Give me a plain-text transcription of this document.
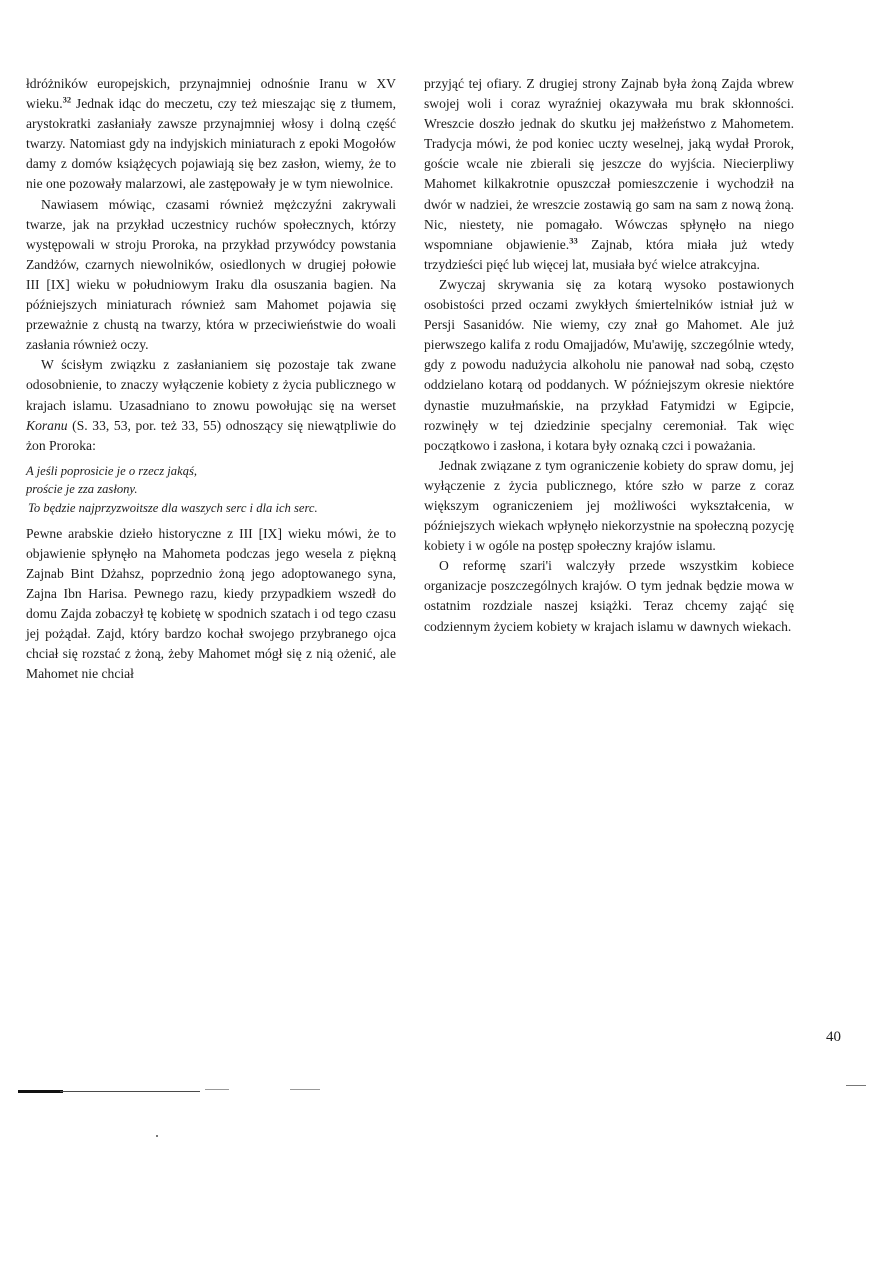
łdróżników europejskich, przynajmniej odnośnie Iranu w XV wieku.$^{32}$ Jednak idąc do meczetu, czy też mieszając się z tłumem, arystokratki zasłaniały zawsze przynajmniej włosy i dolną część twarzy. Natomiast gdy na indyjskich miniaturach z epoki Mogołów damy z domów książęcych pojawiają się bez zasłon, wiemy, że to nie one pozowały malarzowi, ale zastępowały je w tym niewolnice.

Nawiasem mówiąc, czasami również mężczyźni zakrywali twarze, jak na przykład uczestnicy ruchów społecznych, którzy występowali w stroju Proroka, na przykład przywódcy powstania Zandżów, czarnych niewolników, osiedlonych w drugiej połowie III [IX] wieku w południowym Iraku dla osuszania bagien. Na późniejszych miniaturach również sam Mahomet pojawia się przeważnie z chustą na twarzy, która w przeciwieństwie do woali zasłania również oczy.

W ścisłym związku z zasłanianiem się pozostaje tak zwane odosobnienie, to znaczy wyłączenie kobiety z życia publicznego w krajach islamu. Uzasadniano to znowu powołując się na werset Koranu (S. 33, 53, por. też 33, 55) odnoszący się niewątpliwie do żon Proroka:

A jeśli poprosicie je o rzecz jakąś,
proście je zza zasłony.
To będzie najprzyzwoitsze dla waszych serc i dla ich serc.

Pewne arabskie dzieło historyczne z III [IX] wieku mówi, że to objawienie spłynęło na Mahometa podczas jego wesela z piękną Zajnab Bint Dżahsz, poprzednio żoną jego adoptowanego syna, Zajna Ibn Harisa. Pewnego razu, kiedy przypadkiem wszedł do domu Zajda zobaczył tę kobietę w spodnich szatach i od tego czasu jej pożądał. Zajd, który bardzo kochał swojego przybranego ojca chciał się rozstać z żoną, żeby Mahomet mógł się z nią ożenić, ale Mahomet nie chciał

przyjąć tej ofiary. Z drugiej strony Zajnab była żoną Zajda wbrew swojej woli i coraz wyraźniej okazywała mu brak skłonności. Wreszcie doszło jednak do skutku jej małżeństwo z Mahometem. Tradycja mówi, że pod koniec uczty weselnej, jaką wydał Prorok, goście wcale nie zbierali się jeszcze do wyjścia. Niecierpliwy Mahomet kilkakrotnie opuszczał pomieszczenie i wychodził na dwór w nadziei, że wreszcie zostawią go sam na sam z nową żoną. Nic, niestety, nie pomagało. Wówczas spłynęło na niego wspomniane objawienie.$^{33}$ Zajnab, która miała już wtedy trzydzieści pięć lub więcej lat, musiała być wielce atrakcyjna.

Zwyczaj skrywania się za kotarą wysoko postawionych osobistości przed oczami zwykłych śmiertelników istniał już w Persji Sasanidów. Nie wiemy, czy znał go Mahomet. Ale już pierwszego kalifa z rodu Omajjadów, Mu'awiję, szczególnie wtedy, gdy z powodu nadużycia alkoholu nie panował nad sobą, często oddzielano kotarą od poddanych. W późniejszym okresie niektóre dynastie muzułmańskie, na przykład Fatymidzi w Egipcie, rozwinęły w tej dziedzinie specjalny ceremoniał. Tak więc początkowo i zasłona, i kotara były oznaką czci i poważania.

Jednak związane z tym ograniczenie kobiety do spraw domu, jej wyłączenie z życia publicznego, które szło w parze z coraz większym ograniczeniem jej możliwości wykształcenia, w późniejszych wiekach wpłynęło niekorzystnie na społeczną pozycję kobiety i w ogóle na postęp społeczny krajów islamu.

O reformę szari'i walczyły przede wszystkim kobiece organizacje poszczególnych krajów. O tym jednak będzie mowa w ostatnim rozdziale naszej książki. Teraz chcemy zająć się codziennym życiem kobiety w krajach islamu w dawnych wiekach.

40
